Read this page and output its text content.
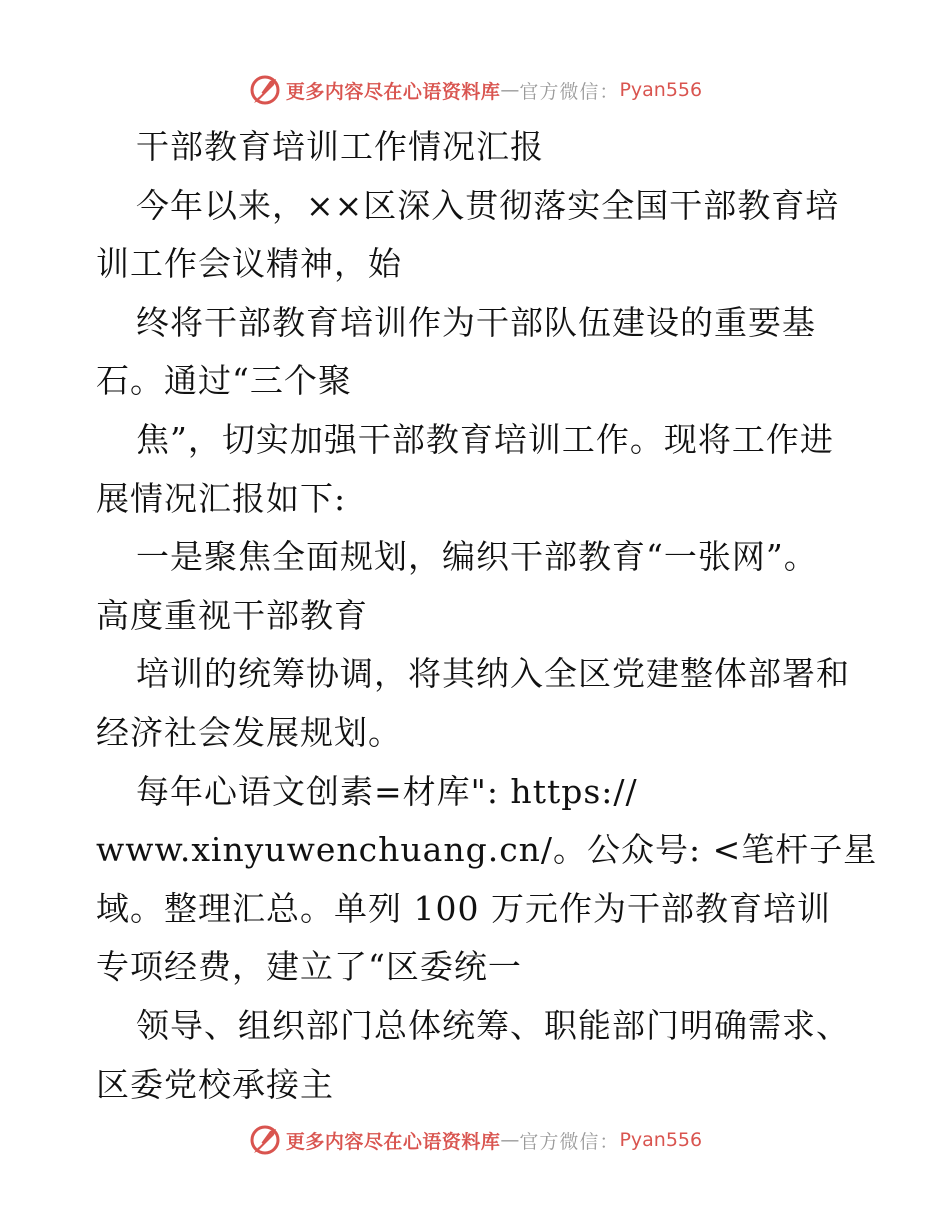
更多内容尽在心语资料库 — 官方微信： Pyan556
干部教育培训工作情况汇报
今年以来，××区深入贯彻落实全国干部教育培
训工作会议精神，始
终将干部教育培训作为干部队伍建设的重要基
石。通过“三个聚
焦”，切实加强干部教育培训工作。现将工作进
展情况汇报如下:
一是聚焦全面规划，编织干部教育“一张网”。
高度重视干部教育
培训的统筹协调，将其纳入全区党建整体部署和
经济社会发展规划。
每年心语文创素=材库": https://
www.xinyuwenchuang.cn/。公众号: <笔杆子星
域。整理汇总。单列 100 万元作为干部教育培训
专项经费，建立了“区委统一
领导、组织部门总体统筹、职能部门明确需求、
区委党校承接主
更多内容尽在心语资料库 — 官方微信： Pyan556
